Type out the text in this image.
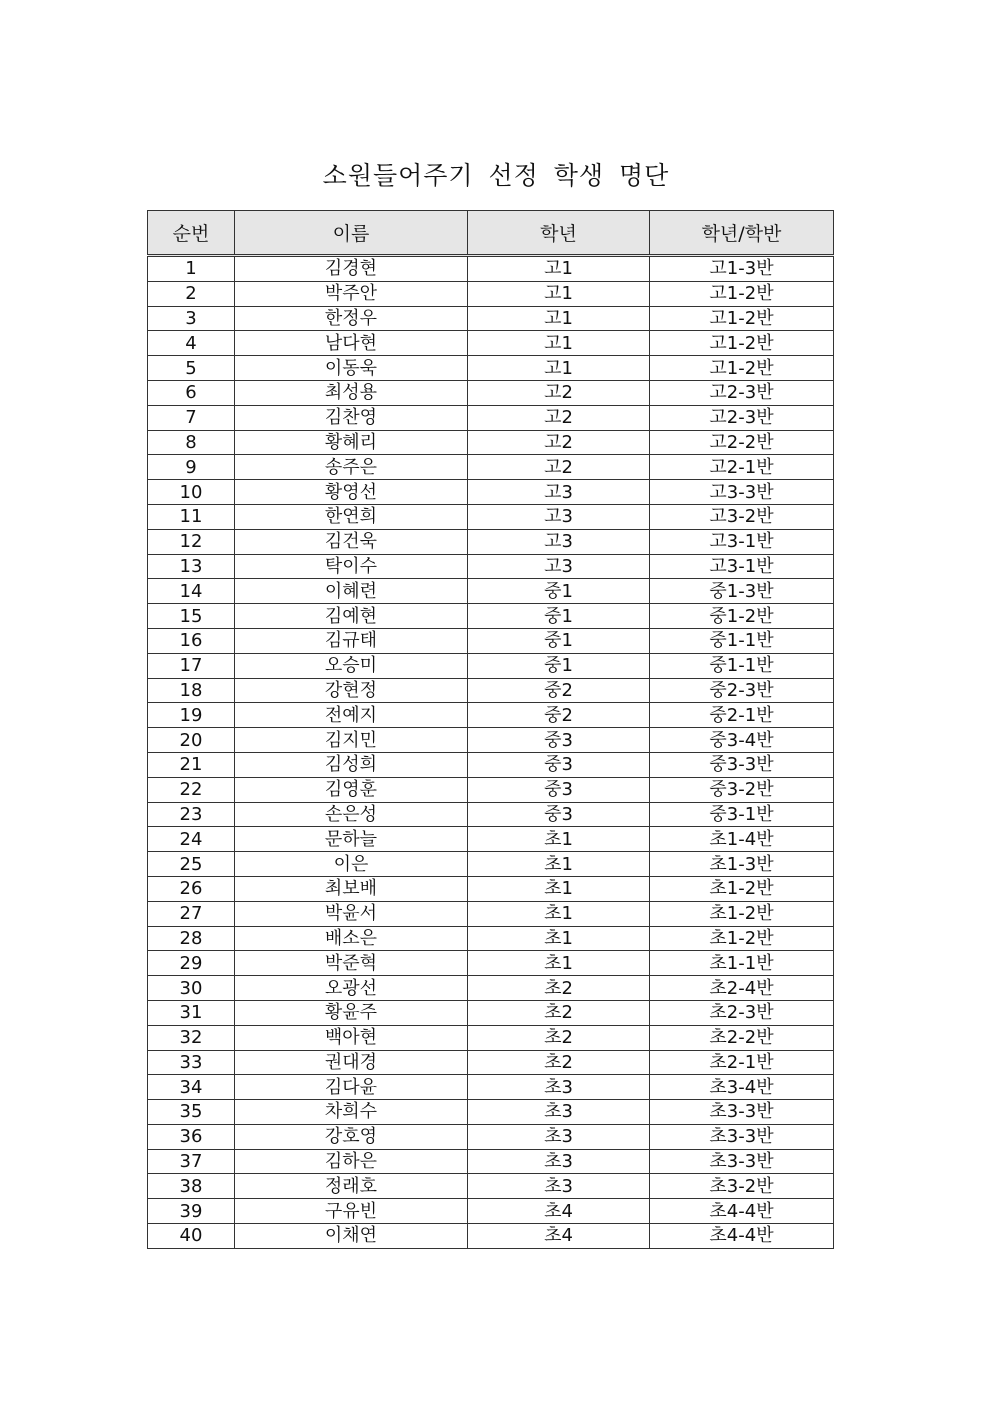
소원들어주기 선정 학생 명단
순번	이름	학년	학년/학반
1	김경현	고1	고1-3반
2	박주안	고1	고1-2반
3	한정우	고1	고1-2반
4	남다현	고1	고1-2반
5	이동욱	고1	고1-2반
6	최성용	고2	고2-3반
7	김찬영	고2	고2-3반
8	황혜리	고2	고2-2반
9	송주은	고2	고2-1반
10	황영선	고3	고3-3반
11	한연희	고3	고3-2반
12	김건욱	고3	고3-1반
13	탁이수	고3	고3-1반
14	이혜련	중1	중1-3반
15	김예현	중1	중1-2반
16	김규태	중1	중1-1반
17	오승미	중1	중1-1반
18	강현정	중2	중2-3반
19	전예지	중2	중2-1반
20	김지민	중3	중3-4반
21	김성희	중3	중3-3반
22	김영훈	중3	중3-2반
23	손은성	중3	중3-1반
24	문하늘	초1	초1-4반
25	이은	초1	초1-3반
26	최보배	초1	초1-2반
27	박윤서	초1	초1-2반
28	배소은	초1	초1-2반
29	박준혁	초1	초1-1반
30	오광선	초2	초2-4반
31	황윤주	초2	초2-3반
32	백아현	초2	초2-2반
33	권대경	초2	초2-1반
34	김다윤	초3	초3-4반
35	차희수	초3	초3-3반
36	강호영	초3	초3-3반
37	김하은	초3	초3-3반
38	정래호	초3	초3-2반
39	구유빈	초4	초4-4반
40	이채연	초4	초4-4반
